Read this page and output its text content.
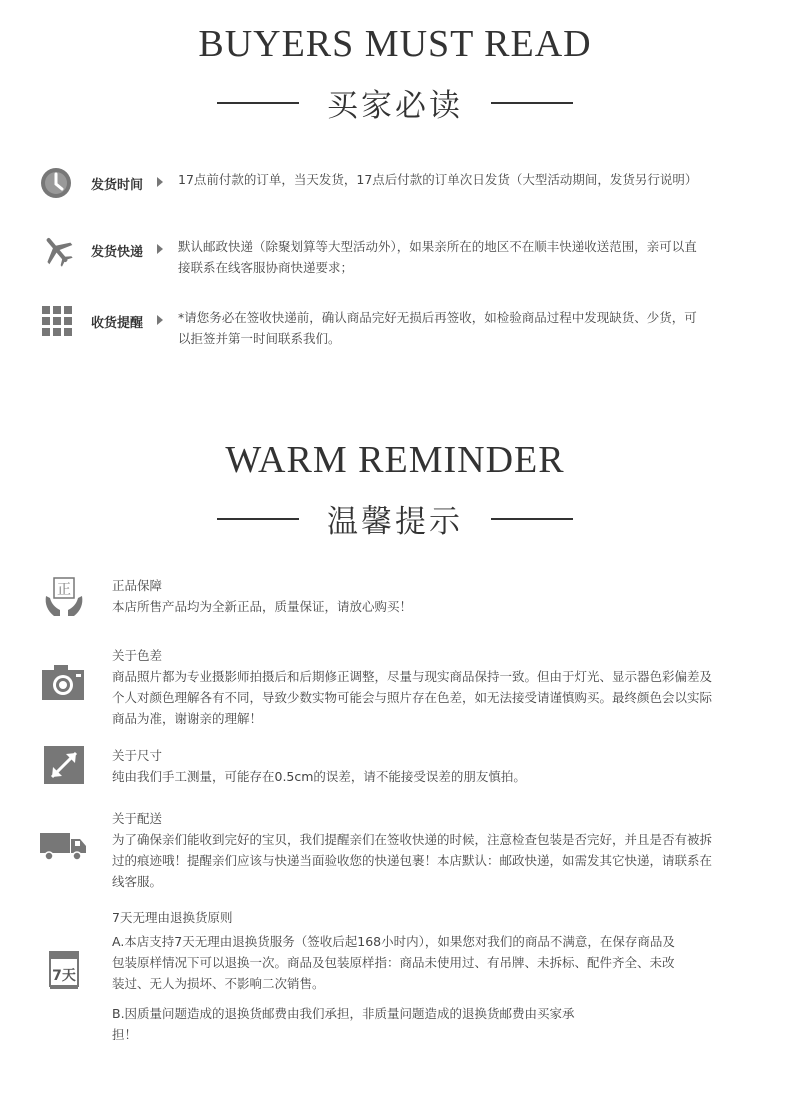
BUYERS MUST READ
买家必读
发货时间	17点前付款的订单，当天发货，17点后付款的订单次日发货（大型活动期间，发货另行说明）
发货快递	默认邮政快递（除聚划算等大型活动外），如果亲所在的地区不在顺丰快递收送范围，亲可以直接联系在线客服协商快递要求；
收货提醒	*请您务必在签收快递前，确认商品完好无损后再签收，如检验商品过程中发现缺货、少货，可以拒签并第一时间联系我们。
WARM REMINDER
温馨提示
正	正品保障
本店所售产品均为全新正品，质量保证，请放心购买！
关于色差
商品照片都为专业摄影师拍摄后和后期修正调整，尽量与现实商品保持一致。但由于灯光、显示器色彩偏差及个人对颜色理解各有不同，导致少数实物可能会与照片存在色差，如无法接受请谨慎购买。最终颜色会以实际商品为准，谢谢亲的理解！
关于尺寸
纯由我们手工测量，可能存在0.5cm的误差，请不能接受误差的朋友慎拍。
关于配送
为了确保亲们能收到完好的宝贝，我们提醒亲们在签收快递的时候，注意检查包装是否完好，并且是否有被拆过的痕迹哦！提醒亲们应该与快递当面验收您的快递包裹！本店默认：邮政快递，如需发其它快递，请联系在线客服。
7天
7天无理由退换货原则
A.本店支持7天无理由退换货服务（签收后起168小时内），如果您对我们的商品不满意，在保存商品及包装原样情况下可以退换一次。商品及包装原样指：商品未使用过、有吊牌、未拆标、配件齐全、未改装过、无人为损坏、不影响二次销售。
B.因质量问题造成的退换货邮费由我们承担，非质量问题造成的退换货邮费由买家承担！
